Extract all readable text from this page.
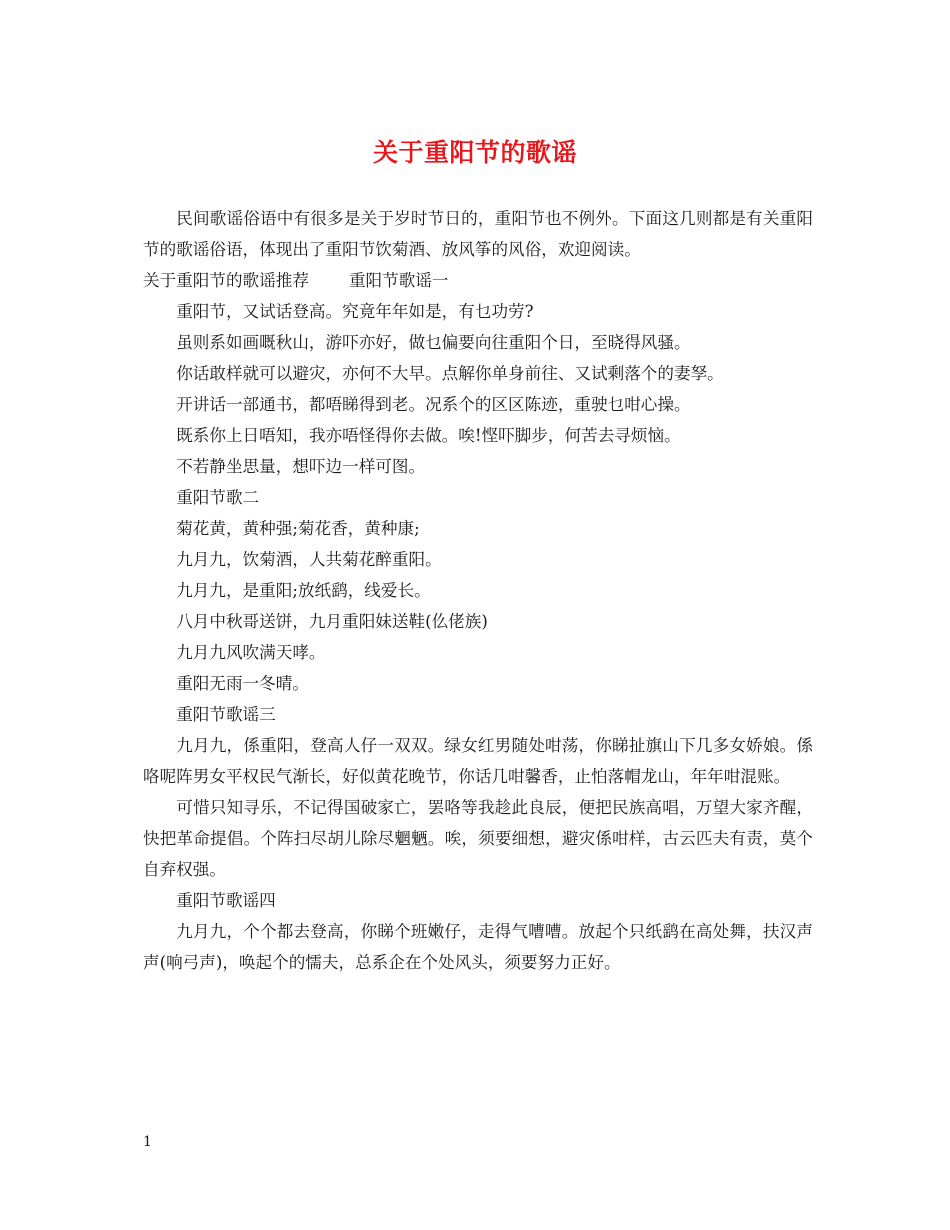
关于重阳节的歌谣

民间歌谣俗语中有很多是关于岁时节日的，重阳节也不例外。下面这几则都是有关重阳节的歌谣俗语，体现出了重阳节饮菊酒、放风筝的风俗，欢迎阅读。

关于重阳节的歌谣推荐 重阳节歌谣一

重阳节，又试话登高。究竟年年如是，有乜功劳?

虽则系如画嘅秋山，游吓亦好，做乜偏要向往重阳个日，至晓得风骚。

你话敢样就可以避灾，亦何不大早。点解你单身前往、又试剩落个的妻孥。

开讲话一部通书，都唔睇得到老。况系个的区区陈迹，重驶乜咁心操。

既系你上日唔知，我亦唔怪得你去做。唉!悭吓脚步，何苦去寻烦恼。

不若静坐思量，想吓边一样可图。

重阳节歌二

菊花黄，黄种强;菊花香，黄种康;

九月九，饮菊酒，人共菊花醉重阳。

九月九，是重阳;放纸鹞，线爱长。

八月中秋哥送饼，九月重阳妹送鞋(仫佬族)

九月九风吹满天哮。

重阳无雨一冬晴。

重阳节歌谣三

九月九，係重阳，登高人仔一双双。绿女红男随处咁荡，你睇扯旗山下几多女娇娘。係咯呢阵男女平权民气渐长，好似黄花晚节，你话几咁馨香，止怕落帽龙山，年年咁混账。

可惜只知寻乐，不记得国破家亡，罢咯等我趁此良辰，便把民族高唱，万望大家齐醒，快把革命提倡。个阵扫尽胡儿除尽魍魉。唉，须要细想，避灾係咁样，古云匹夫有责，莫个自弃权强。

重阳节歌谣四

九月九，个个都去登高，你睇个班嫩仔，走得气嘈嘈。放起个只纸鹞在高处舞，扶汉声声(响弓声)，唤起个的懦夫，总系企在个处风头，须要努力正好。

1
